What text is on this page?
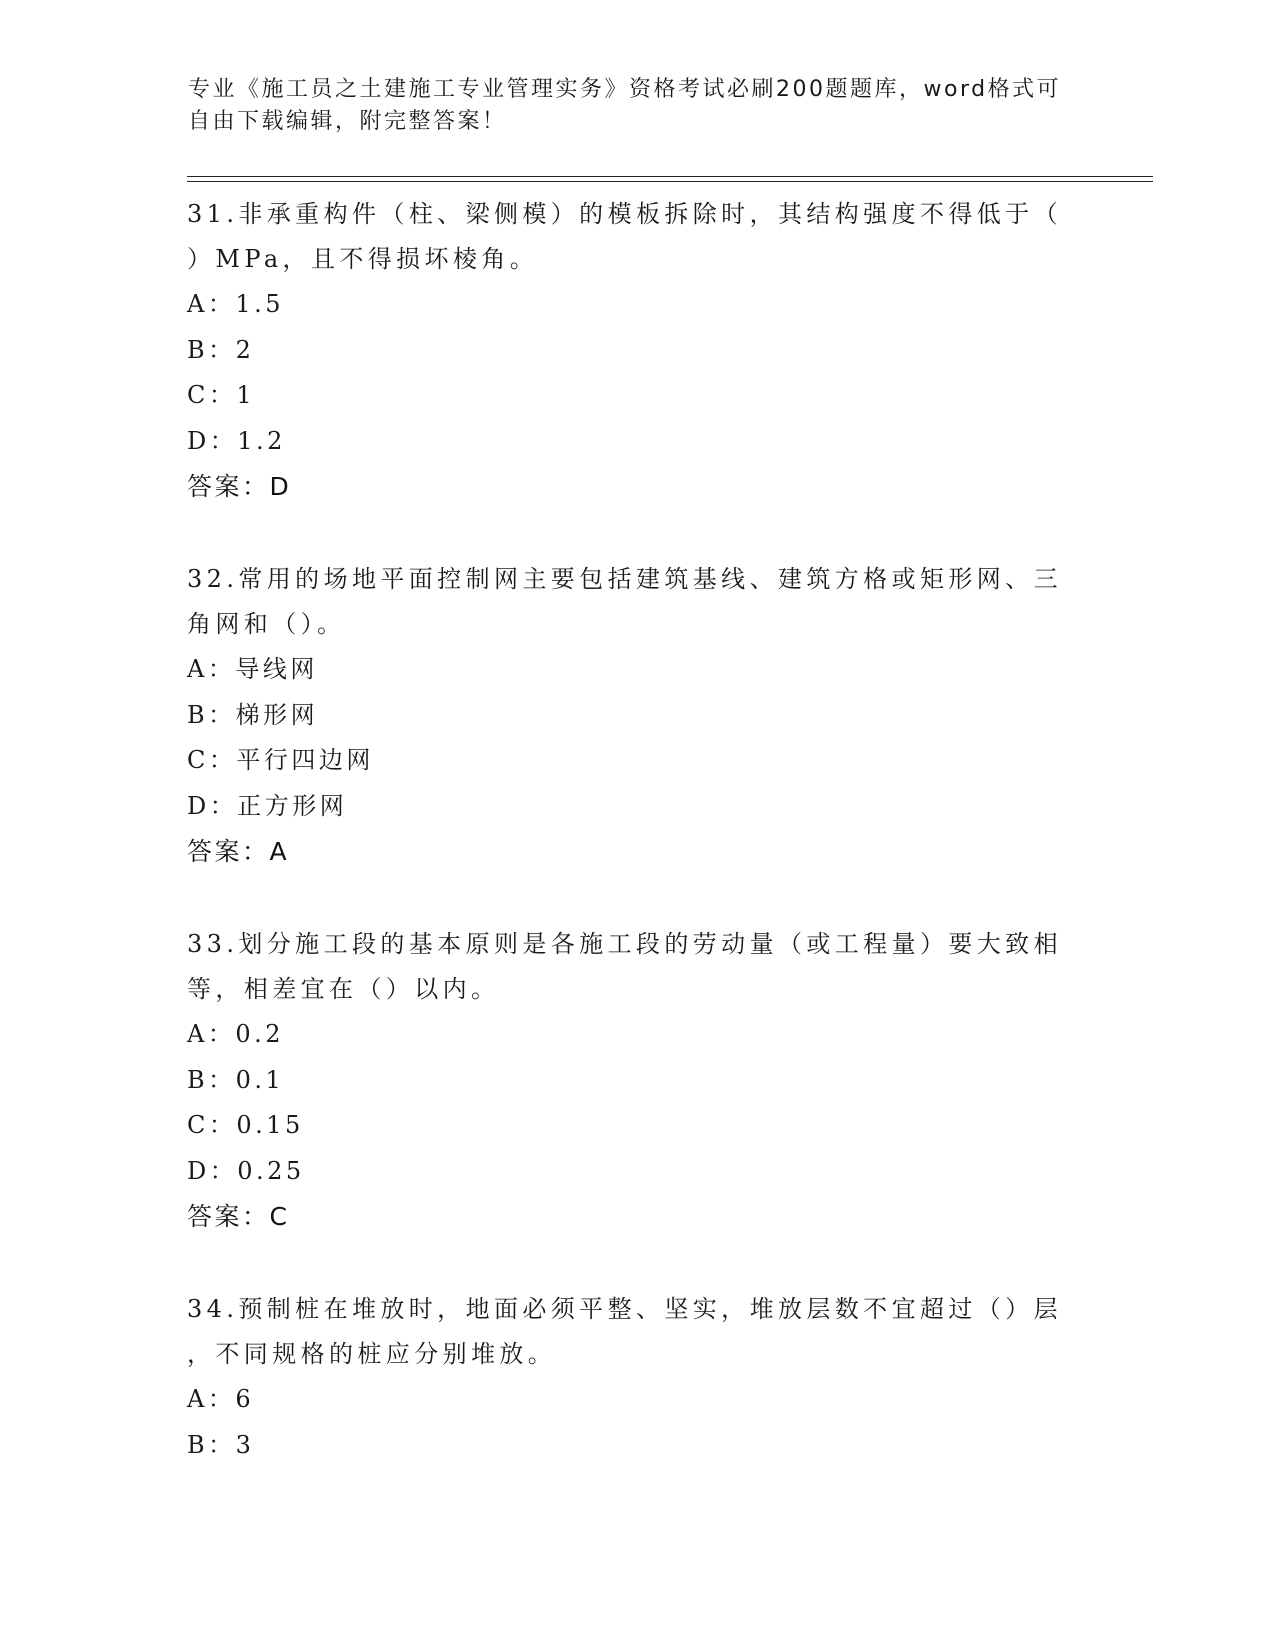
专业《施工员之土建施工专业管理实务》资格考试必刷200题题库，word格式可
自由下载编辑，附完整答案！
31.非承重构件（柱、梁侧模）的模板拆除时，其结构强度不得低于（
）MPa，且不得损坏棱角。
A：1.5
B：2
C：1
D：1.2
答案：D
32.常用的场地平面控制网主要包括建筑基线、建筑方格或矩形网、三
角网和（）。
A：导线网
B：梯形网
C：平行四边网
D：正方形网
答案：A
33.划分施工段的基本原则是各施工段的劳动量（或工程量）要大致相
等，相差宜在（）以内。
A：0.2
B：0.1
C：0.15
D：0.25
答案：C
34.预制桩在堆放时，地面必须平整、坚实，堆放层数不宜超过（）层
，不同规格的桩应分别堆放。
A：6
B：3
